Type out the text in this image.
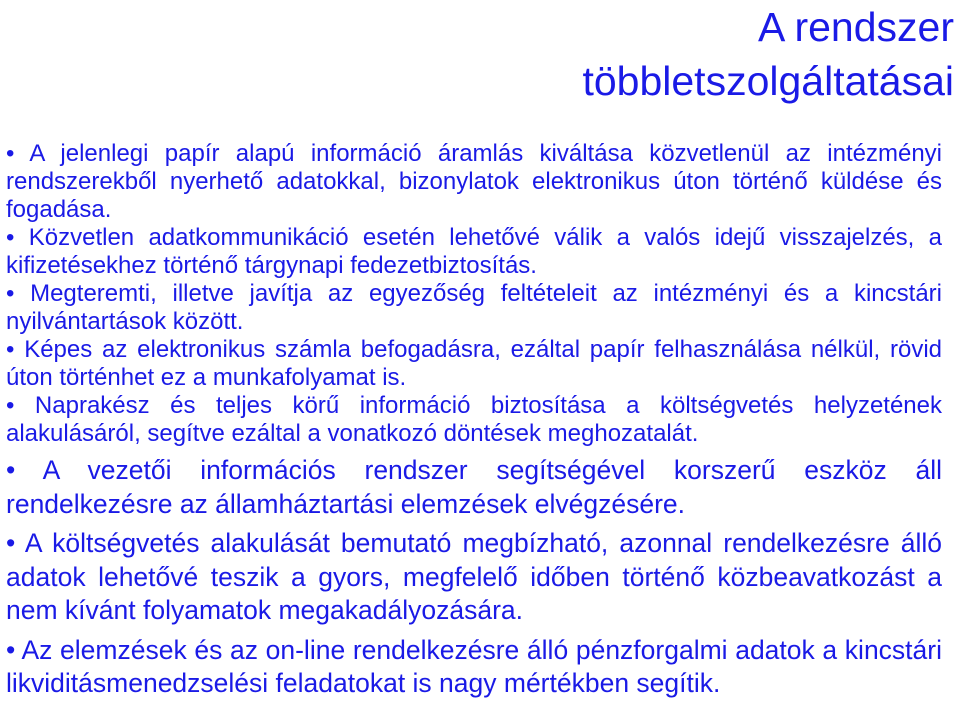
A rendszer
többletszolgáltatásai
• A jelenlegi papír alapú információ áramlás kiváltása közvetlenül az intézményi rendszerekből nyerhető adatokkal, bizonylatok elektronikus úton történő küldése és fogadása.
• Közvetlen adatkommunikáció esetén lehetővé válik a valós idejű visszajelzés, a kifizetésekhez történő tárgynapi fedezetbiztosítás.
• Megteremti, illetve javítja az egyezőség feltételeit az intézményi és a kincstári nyilvántartások között.
• Képes az elektronikus számla befogadásra, ezáltal papír felhasználása nélkül, rövid úton történhet ez a munkafolyamat is.
• Naprakész és teljes körű információ biztosítása a költségvetés helyzetének alakulásáról, segítve ezáltal a vonatkozó döntések meghozatalát.
• A vezetői információs rendszer segítségével korszerű eszköz áll rendelkezésre az államháztartási elemzések elvégzésére.
• A költségvetés alakulását bemutató megbízható, azonnal rendelkezésre álló adatok lehetővé teszik a gyors, megfelelő időben történő közbeavatkozást a nem kívánt folyamatok megakadályozására.
• Az elemzések és az on-line rendelkezésre álló pénzforgalmi adatok a kincstári likviditásmenedzselési feladatokat is nagy mértékben segítik.
